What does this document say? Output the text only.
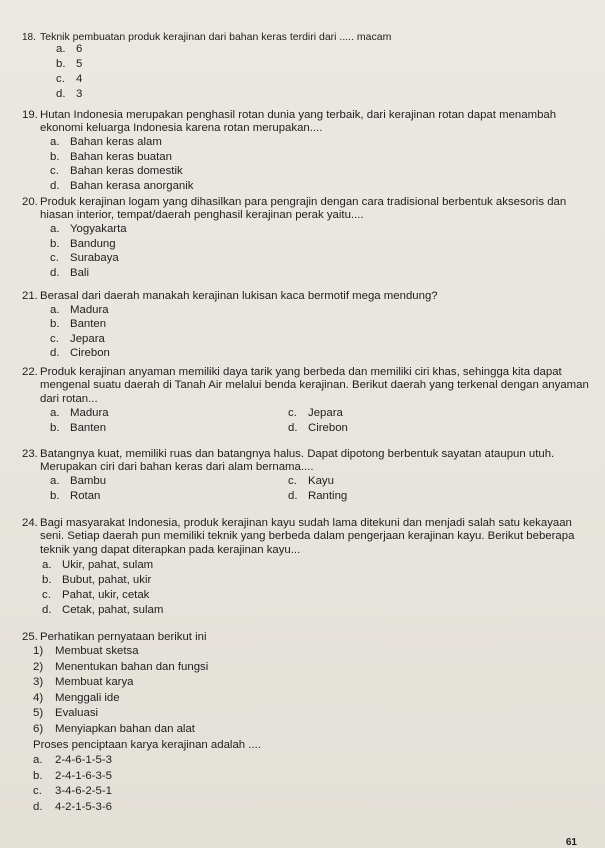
18. Teknik pembuatan produk kerajinan dari bahan keras terdiri dari ..... macam
a. 6
b. 5
c. 4
d. 3
19. Hutan Indonesia merupakan penghasil rotan dunia yang terbaik, dari kerajinan rotan dapat menambah ekonomi keluarga Indonesia karena rotan merupakan....
a. Bahan keras alam
b. Bahan keras buatan
c. Bahan keras domestik
d. Bahan kerasa anorganik
20. Produk kerajinan logam yang dihasilkan para pengrajin dengan cara tradisional berbentuk aksesoris dan hiasan interior, tempat/daerah penghasil kerajinan perak yaitu....
a. Yogyakarta
b. Bandung
c. Surabaya
d. Bali
21. Berasal dari daerah manakah kerajinan lukisan kaca bermotif mega mendung?
a. Madura
b. Banten
c. Jepara
d. Cirebon
22. Produk kerajinan anyaman memiliki daya tarik yang berbeda dan memiliki ciri khas, sehingga kita dapat mengenal suatu daerah di Tanah Air melalui benda kerajinan. Berikut daerah yang terkenal dengan anyaman dari rotan...
a. Madura	c. Jepara
b. Banten	d. Cirebon
23. Batangnya kuat, memiliki ruas dan batangnya halus. Dapat dipotong berbentuk sayatan ataupun utuh. Merupakan ciri dari bahan keras dari alam bernama....
a. Bambu	c. Kayu
b. Rotan	d. Ranting
24. Bagi masyarakat Indonesia, produk kerajinan kayu sudah lama ditekuni dan menjadi salah satu kekayaan seni. Setiap daerah pun memiliki teknik yang berbeda dalam pengerjaan kerajinan kayu. Berikut beberapa teknik yang dapat diterapkan pada kerajinan kayu...
a. Ukir, pahat, sulam
b. Bubut, pahat, ukir
c. Pahat, ukir, cetak
d. Cetak, pahat, sulam
25. Perhatikan pernyataan berikut ini
1)	Membuat sketsa
2)	Menentukan bahan dan fungsi
3)	Membuat karya
4)	Menggali ide
5)	Evaluasi
6)	Menyiapkan bahan dan alat
Proses penciptaan karya kerajinan adalah ....
a.	2-4-6-1-5-3
b.	2-4-1-6-3-5
c.	3-4-6-2-5-1
d.	4-2-1-5-3-6
61
